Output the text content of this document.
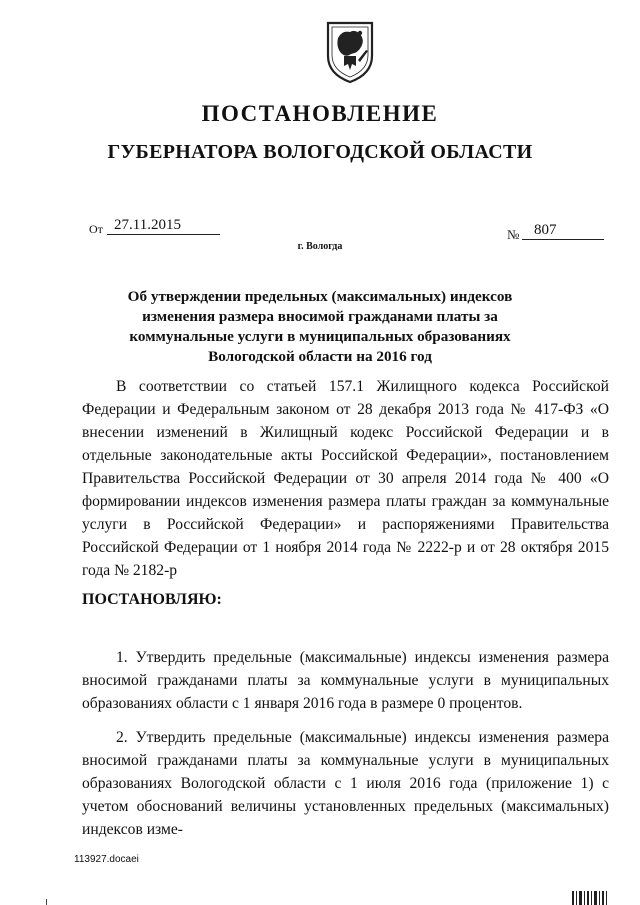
ПОСТАНОВЛЕНИЕ
ГУБЕРНАТОРА ВОЛОГОДСКОЙ ОБЛАСТИ
От 27.11.2015
№ 807
г. Вологда
Об утверждении предельных (максимальных) индексов изменения размера вносимой гражданами платы за коммунальные услуги в муниципальных образованиях Вологодской области на 2016 год
В соответствии со статьей 157.1 Жилищного кодекса Российской Федерации и Федеральным законом от 28 декабря 2013 года № 417-ФЗ «О внесении изменений в Жилищный кодекс Российской Федерации и в отдельные законодательные акты Российской Федерации», постановлением Правительства Российской Федерации от 30 апреля 2014 года № 400 «О формировании индексов изменения размера платы граждан за коммунальные услуги в Российской Федерации» и распоряжениями Правительства Российской Федерации от 1 ноября 2014 года № 2222-р и от 28 октября 2015 года № 2182-р
ПОСТАНОВЛЯЮ:
1. Утвердить предельные (максимальные) индексы изменения размера вносимой гражданами платы за коммунальные услуги в муниципальных образованиях области с 1 января 2016 года в размере 0 процентов.
2. Утвердить предельные (максимальные) индексы изменения размера вносимой гражданами платы за коммунальные услуги в муниципальных образованиях Вологодской области с 1 июля 2016 года (приложение 1) с учетом обоснований величины установленных предельных (максимальных) индексов изме-
113927.docaei
